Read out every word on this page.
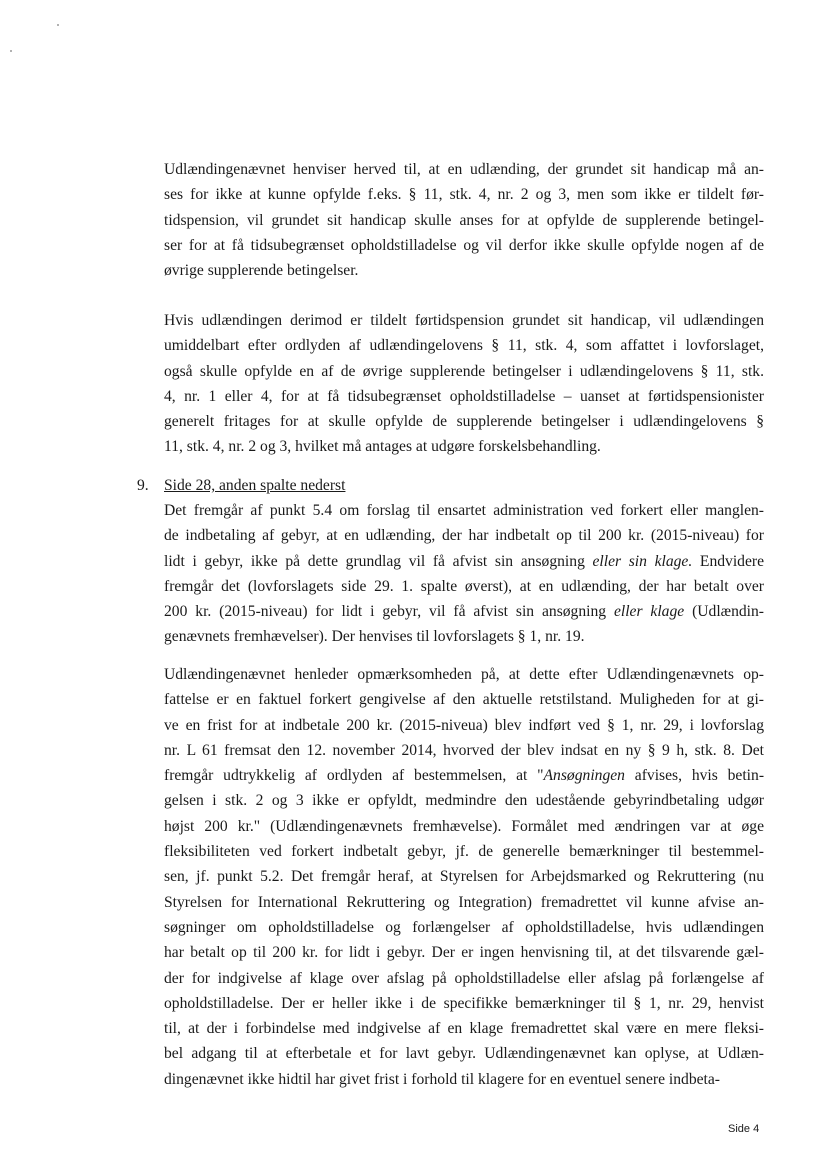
Udlændingenævnet henviser herved til, at en udlænding, der grundet sit handicap må an-
ses for ikke at kunne opfylde f.eks. § 11, stk. 4, nr. 2 og 3, men som ikke er tildelt før-
tidspension, vil grundet sit handicap skulle anses for at opfylde de supplerende betingel-
ser for at få tidsubegrænset opholdstilladelse og vil derfor ikke skulle opfylde nogen af de
øvrige supplerende betingelser.
Hvis udlændingen derimod er tildelt førtidspension grundet sit handicap, vil udlændingen
umiddelbart efter ordlyden af udlændingelovens § 11, stk. 4, som affattet i lovforslaget,
også skulle opfylde en af de øvrige supplerende betingelser i udlændingelovens § 11, stk.
4, nr. 1 eller 4, for at få tidsubegrænset opholdstilladelse – uanset at førtidspensionister
generelt fritages for at skulle opfylde de supplerende betingelser i udlændingelovens §
11, stk. 4, nr. 2 og 3, hvilket må antages at udgøre forskelsbehandling.
9. Side 28, anden spalte nederst
Det fremgår af punkt 5.4 om forslag til ensartet administration ved forkert eller manglen-
de indbetaling af gebyr, at en udlænding, der har indbetalt op til 200 kr. (2015-niveau) for
lidt i gebyr, ikke på dette grundlag vil få afvist sin ansøgning eller sin klage. Endvidere
fremgår det (lovforslagets side 29. 1. spalte øverst), at en udlænding, der har betalt over
200 kr. (2015-niveau) for lidt i gebyr, vil få afvist sin ansøgning eller klage (Udlændin-
genævnets fremhævelser). Der henvises til lovforslagets § 1, nr. 19.
Udlændingenævnet henleder opmærksomheden på, at dette efter Udlændingenævnets op-
fattelse er en faktuel forkert gengivelse af den aktuelle retstilstand. Muligheden for at gi-
ve en frist for at indbetale 200 kr. (2015-niveua) blev indført ved § 1, nr. 29, i lovforslag
nr. L 61 fremsat den 12. november 2014, hvorved der blev indsat en ny § 9 h, stk. 8. Det
fremgår udtrykkelig af ordlyden af bestemmelsen, at "Ansøgningen afvises, hvis betin-
gelsen i stk. 2 og 3 ikke er opfyldt, medmindre den udestående gebyrindbetaling udgør
højst 200 kr." (Udlændingenævnets fremhævelse). Formålet med ændringen var at øge
fleksibiliteten ved forkert indbetalt gebyr, jf. de generelle bemærkninger til bestemmel-
sen, jf. punkt 5.2. Det fremgår heraf, at Styrelsen for Arbejdsmarked og Rekruttering (nu
Styrelsen for International Rekruttering og Integration) fremadrettet vil kunne afvise an-
søgninger om opholdstilladelse og forlængelser af opholdstilladelse, hvis udlændingen
har betalt op til 200 kr. for lidt i gebyr. Der er ingen henvisning til, at det tilsvarende gæl-
der for indgivelse af klage over afslag på opholdstilladelse eller afslag på forlængelse af
opholdstilladelse. Der er heller ikke i de specifikke bemærkninger til § 1, nr. 29, henvist
til, at der i forbindelse med indgivelse af en klage fremadrettet skal være en mere fleksi-
bel adgang til at efterbetale et for lavt gebyr. Udlændingenævnet kan oplyse, at Udlæn-
dingenævnet ikke hidtil har givet frist i forhold til klagere for en eventuel senere indbeta-
Side 4
